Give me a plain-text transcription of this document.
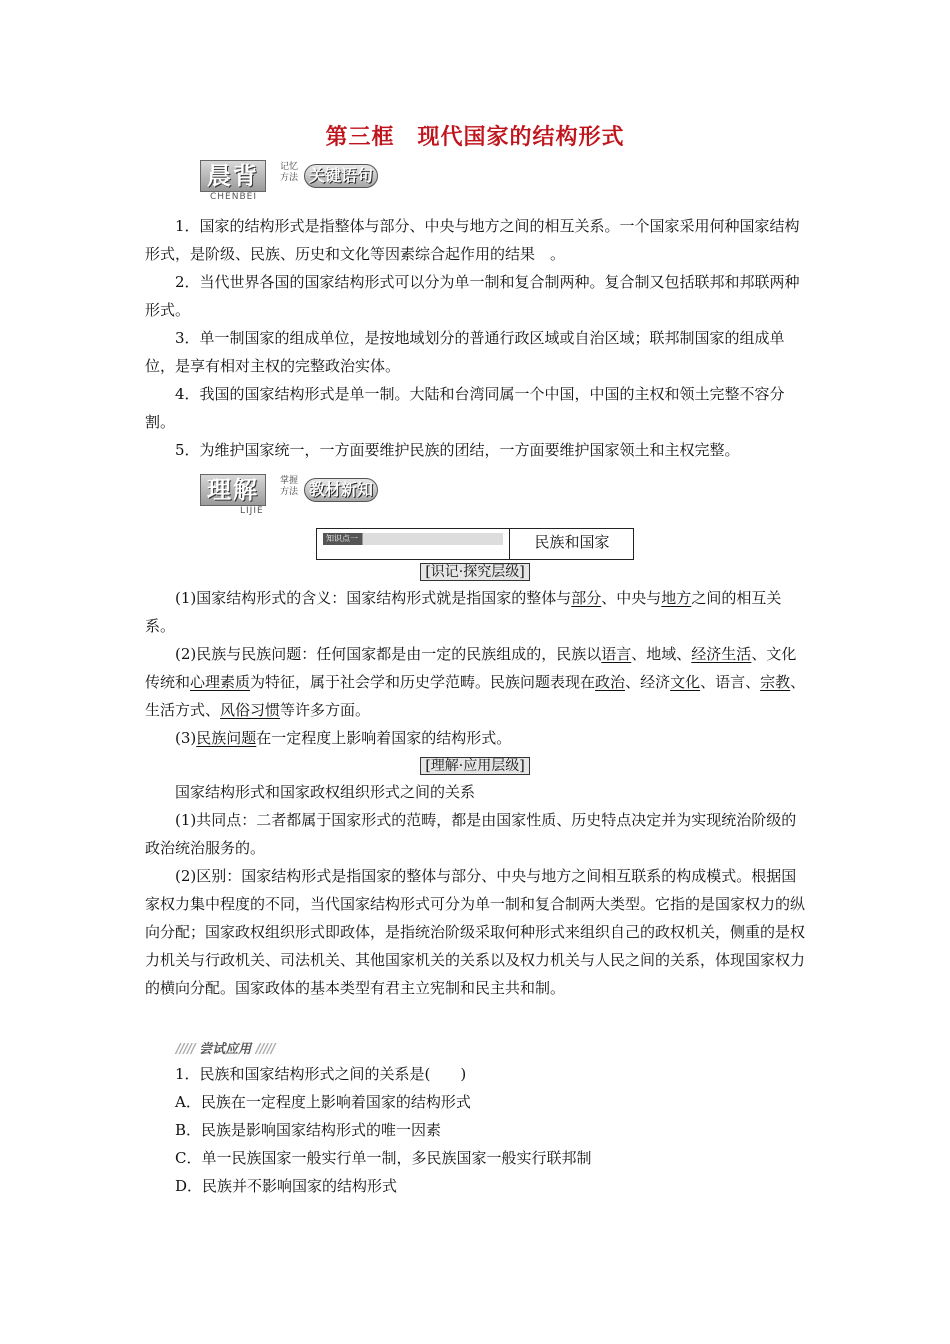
第三框　现代国家的结构形式
晨背	记忆方法 关键语句
CHENBEI

1．国家的结构形式是指整体与部分、中央与地方之间的相互关系。一个国家采用何种国家结构形式，是阶级、民族、历史和文化等因素综合起作用的结果　。

2．当代世界各国的国家结构形式可以分为单一制和复合制两种。复合制又包括联邦和邦联两种形式。

3．单一制国家的组成单位，是按地域划分的普通行政区域或自治区域；联邦制国家的组成单位，是享有相对主权的完整政治实体。

4．我国的国家结构形式是单一制。大陆和台湾同属一个中国，中国的主权和领土完整不容分割。

5．为维护国家统一，一方面要维护民族的团结，一方面要维护国家领土和主权完整。

理解	掌握方法 教材新知
LIJIE
知识点一	民族和国家
[识记·探究层级]

(1)国家结构形式的含义：国家结构形式就是指国家的整体与部分、中央与地方之间的相互关系。

(2)民族与民族问题：任何国家都是由一定的民族组成的，民族以语言、地域、经济生活、文化传统和心理素质为特征，属于社会学和历史学范畴。民族问题表现在政治、经济文化、语言、宗教、生活方式、风俗习惯等许多方面。

(3)民族问题在一定程度上影响着国家的结构形式。

[理解·应用层级]

国家结构形式和国家政权组织形式之间的关系

(1)共同点：二者都属于国家形式的范畴，都是由国家性质、历史特点决定并为实现统治阶级的政治统治服务的。

(2)区别：国家结构形式是指国家的整体与部分、中央与地方之间相互联系的构成模式。根据国家权力集中程度的不同，当代国家结构形式可分为单一制和复合制两大类型。它指的是国家权力的纵向分配；国家政权组织形式即政体，是指统治阶级采取何种形式来组织自己的政权机关，侧重的是权力机关与行政机关、司法机关、其他国家机关的关系以及权力机关与人民之间的关系，体现国家权力的横向分配。国家政体的基本类型有君主立宪制和民主共和制。

///// 尝试应用 /////

1．民族和国家结构形式之间的关系是(　　)

A．民族在一定程度上影响着国家的结构形式

B．民族是影响国家结构形式的唯一因素

C．单一民族国家一般实行单一制，多民族国家一般实行联邦制

D．民族并不影响国家的结构形式
